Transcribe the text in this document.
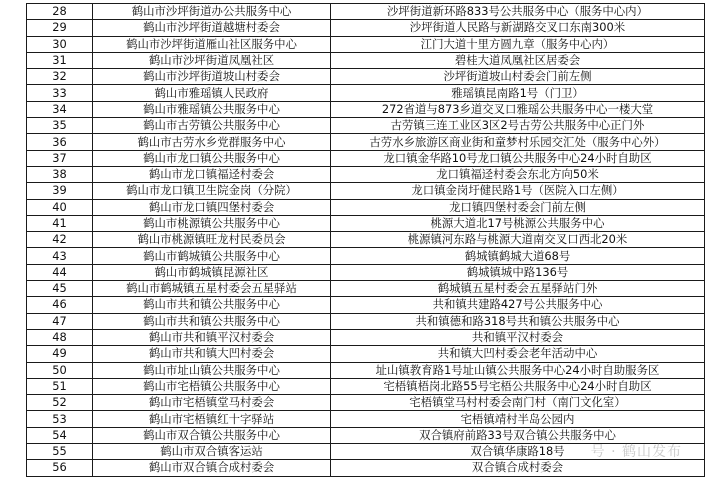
28	鹤山市沙坪街道办公共服务中心	沙坪街道新环路833号公共服务中心（服务中心内）
29	鹤山市沙坪街道越塘村委会	沙坪街道人民路与新湖路交叉口东南300米
30	鹤山市沙坪街道雁山社区服务中心	江门大道十里方圆九章（服务中心内）
31	鹤山市沙坪街道凤凰社区	碧桂大道凤凰社区居委会
32	鹤山市沙坪街道坡山村委会	沙坪街道坡山村委会门前左侧
33	鹤山市雅瑶镇人民政府	雅瑶镇昆南路1号（门卫）
34	鹤山市雅瑶镇公共服务中心	272省道与873乡道交叉口雅瑶公共服务中心一楼大堂
35	鹤山市古劳镇公共服务中心	古劳镇三连工业区3区2号古劳公共服务中心正门外
36	鹤山市古劳水乡党群服务中心	古劳水乡旅游区商业街和童梦村乐园交汇处（服务中心外）
37	鹤山市龙口镇公共服务中心	龙口镇金华路10号龙口镇公共服务中心24小时自助区
38	鹤山市龙口镇福迳村委会	龙口镇福迳村委会东北方向50米
39	鹤山市龙口镇卫生院金岗（分院）	龙口镇金岗圩健民路1号（医院入口左侧）
40	鹤山市龙口镇四堡村委会	龙口镇四堡村委会门前左侧
41	鹤山市桃源镇公共服务中心	桃源大道北17号桃源公共服务中心
42	鹤山市桃源镇旺龙村民委员会	桃源镇河东路与桃源大道南交叉口西北20米
43	鹤山市鹤城镇公共服务中心	鹤城镇鹤城大道68号
44	鹤山市鹤城镇昆源社区	鹤城镇城中路136号
45	鹤山市鹤城镇五星村委会五星驿站	鹤城镇五星村委会五星驿站门外
46	鹤山市共和镇公共服务中心	共和镇共建路427号公共服务中心
47	鹤山市共和镇公共服务中心	共和镇德和路318号共和镇公共服务中心
48	鹤山市共和镇平汉村委会	共和镇平汉村委会
49	鹤山市共和镇大凹村委会	共和镇大凹村委会老年活动中心
50	鹤山市址山镇公共服务中心	址山镇教育路1号址山镇公共服务中心24小时自助服务区
51	鹤山市宅梧镇公共服务中心	宅梧镇梧岗北路55号宅梧公共服务中心24小时自助区
52	鹤山市宅梧镇堂马村委会	宅梧镇堂马村村委会南门村（南门文化室）
53	鹤山市宅梧镇红十字驿站	宅梧镇靖村半岛公园内
54	鹤山市双合镇公共服务中心	双合镇府前路33号双合镇公共服务中心
55	鹤山市双合镇客运站	双合镇华康路18号
56	鹤山市双合镇合成村委会	双合镇合成村委会
号 · 鹤山发布
